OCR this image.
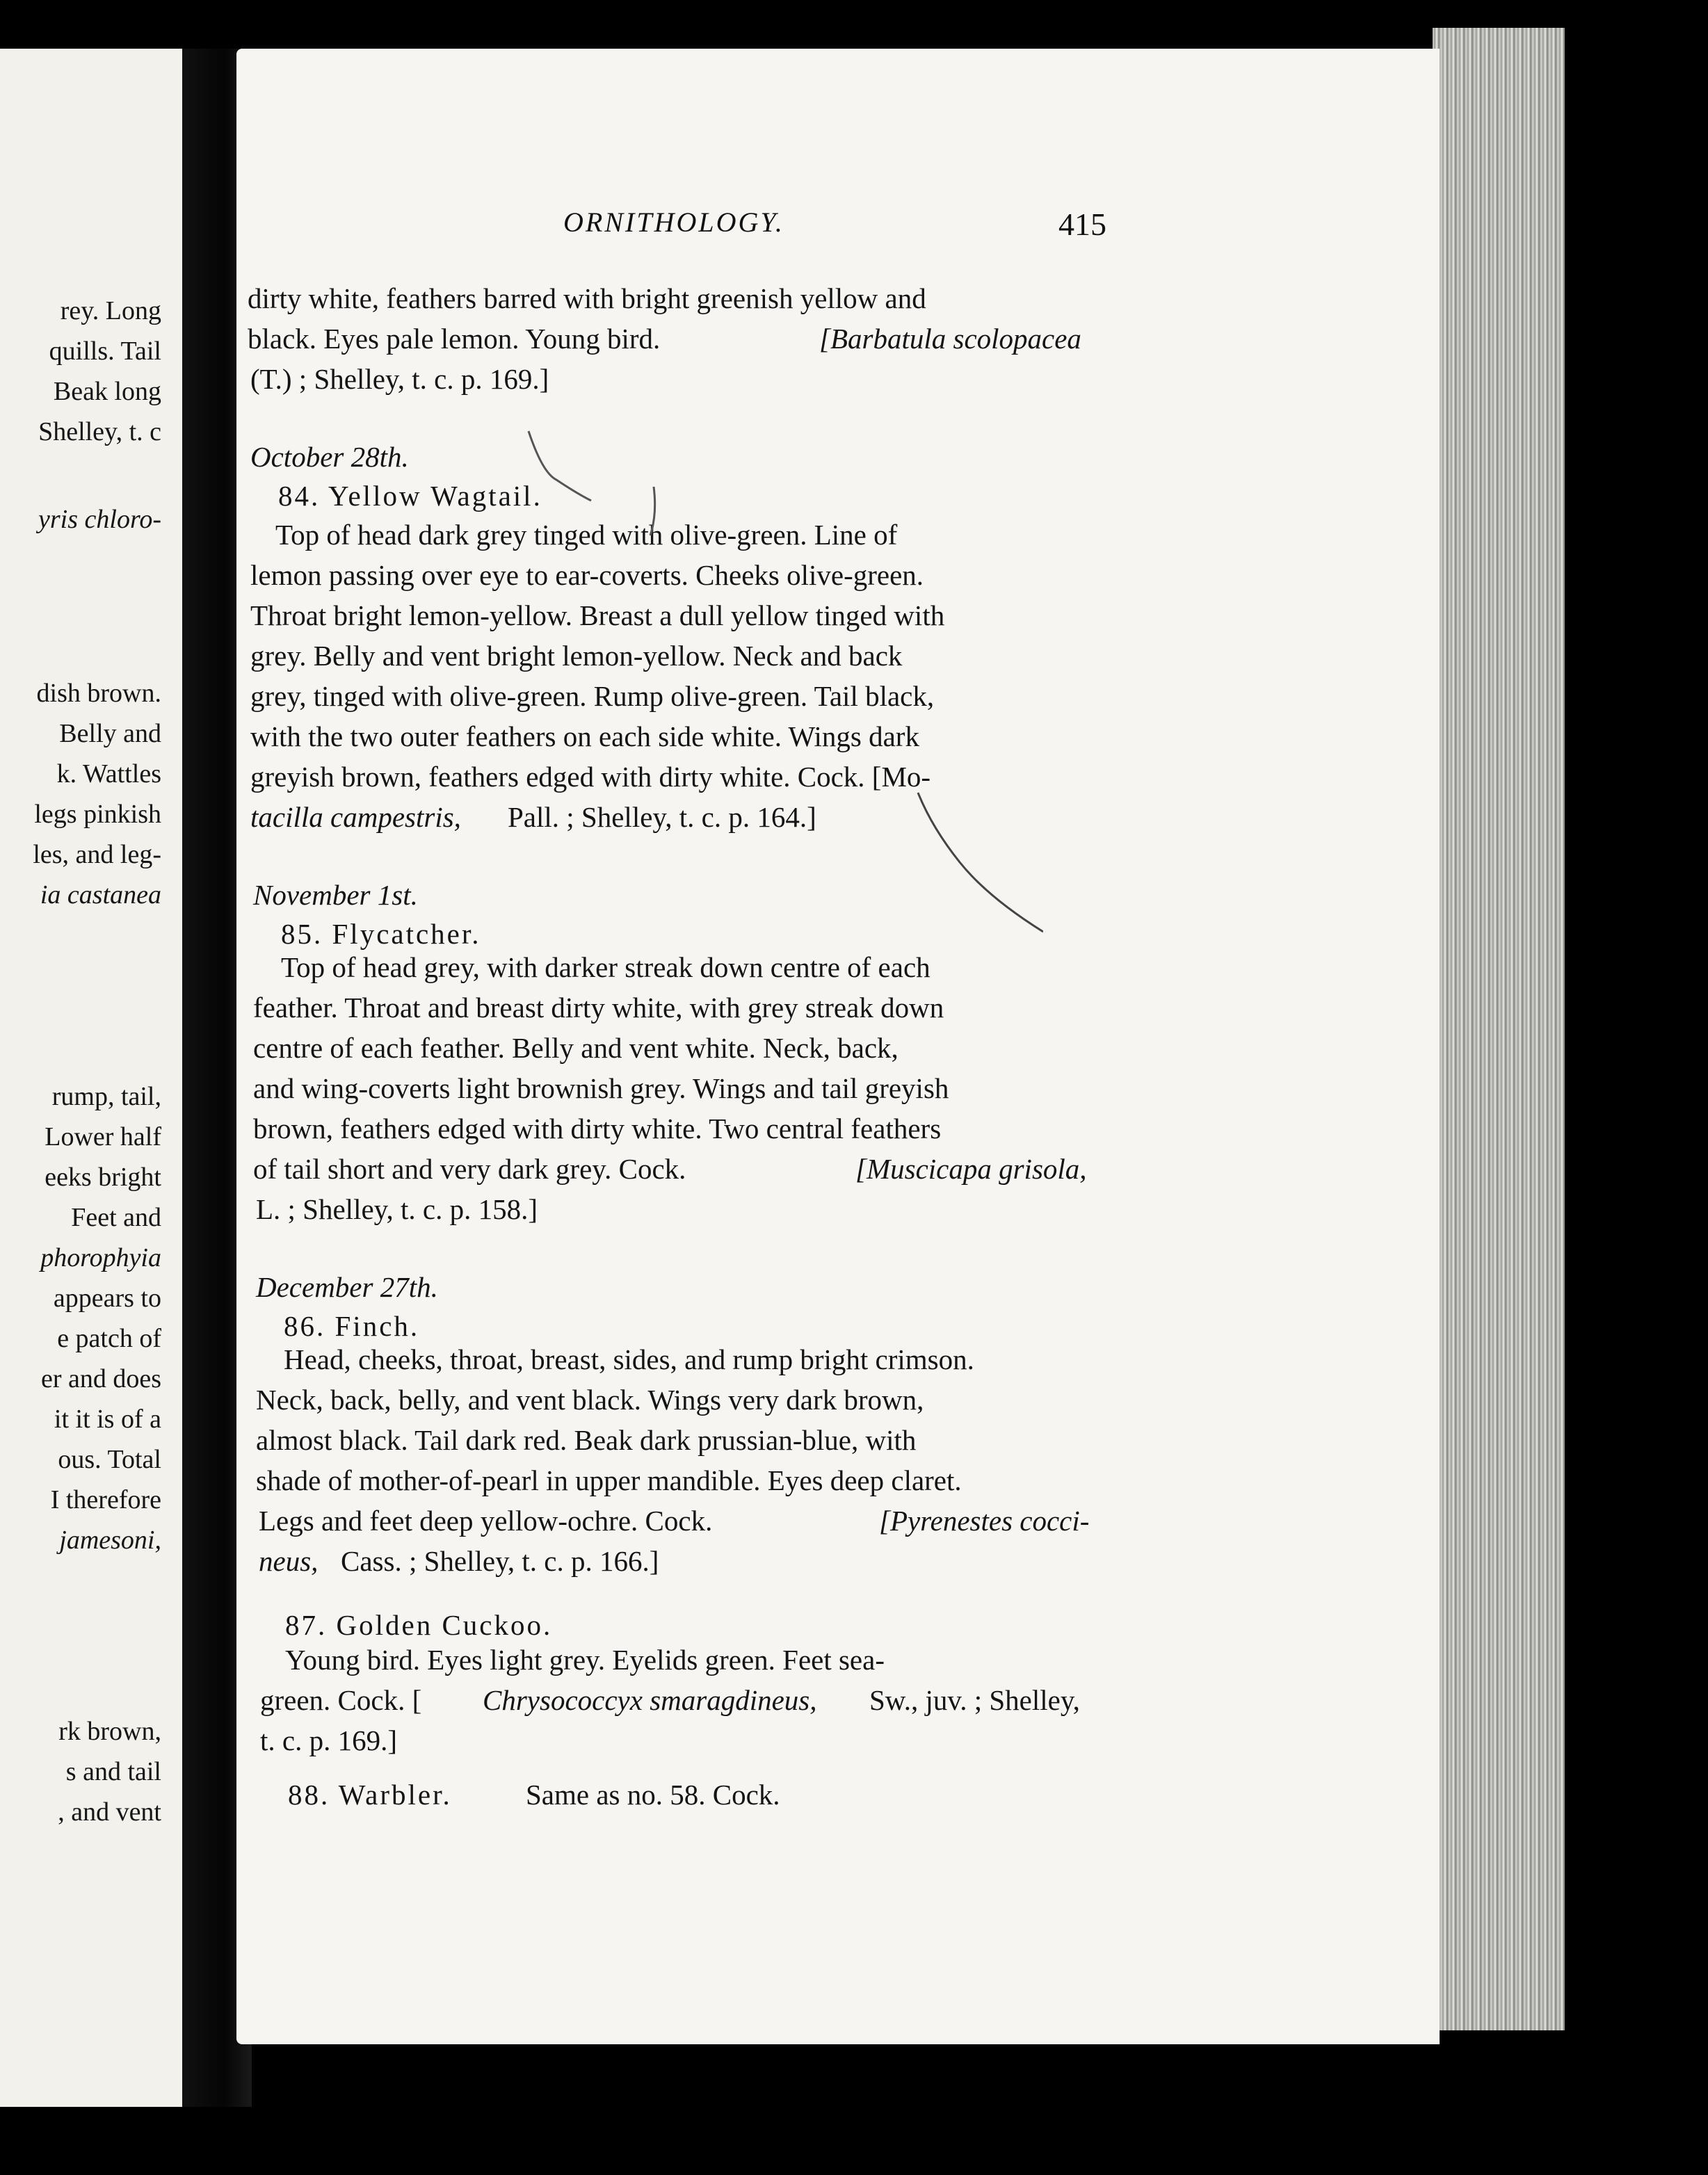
rey. Long
quills. Tail
Beak long
Shelley, t. c
yris chloro-
dish brown.
Belly and
k. Wattles
legs pinkish
les, and leg-
ia castanea
rump, tail,
Lower half
eeks bright
Feet and
phorophyia
appears to
e patch of
er and does
it it is of a
ous. Total
I therefore
jamesoni,
rk brown,
s and tail
, and vent
ORNITHOLOGY.	415
dirty white, feathers barred with bright greenish yellow and
black. Eyes pale lemon. Young bird.	[Barbatula scolopacea
(T.) ; Shelley, t. c. p. 169.]
October 28th.
84. Yellow Wagtail.
Top of head dark grey tinged with olive-green. Line of
lemon passing over eye to ear-coverts. Cheeks olive-green.
Throat bright lemon-yellow. Breast a dull yellow tinged with
grey. Belly and vent bright lemon-yellow. Neck and back
grey, tinged with olive-green. Rump olive-green. Tail black,
with the two outer feathers on each side white. Wings dark
greyish brown, feathers edged with dirty white. Cock. [Mo-
tacilla campestris, Pall. ; Shelley, t. c. p. 164.]
November 1st.
85. Flycatcher.
Top of head grey, with darker streak down centre of each
feather. Throat and breast dirty white, with grey streak down
centre of each feather. Belly and vent white. Neck, back,
and wing-coverts light brownish grey. Wings and tail greyish
brown, feathers edged with dirty white. Two central feathers
of tail short and very dark grey. Cock.	[Muscicapa grisola,
L. ; Shelley, t. c. p. 158.]
December 27th.
86. Finch.
Head, cheeks, throat, breast, sides, and rump bright crimson.
Neck, back, belly, and vent black. Wings very dark brown,
almost black. Tail dark red. Beak dark prussian-blue, with
shade of mother-of-pearl in upper mandible. Eyes deep claret.
Legs and feet deep yellow-ochre. Cock.	[Pyrenestes cocci-
neus, Cass. ; Shelley, t. c. p. 166.]
87. Golden Cuckoo.
Young bird. Eyes light grey. Eyelids green. Feet sea-
green. Cock. [ Chrysococcyx smaragdineus, Sw., juv. ; Shelley,
t. c. p. 169.]
88. Warbler.	Same as no. 58. Cock.
